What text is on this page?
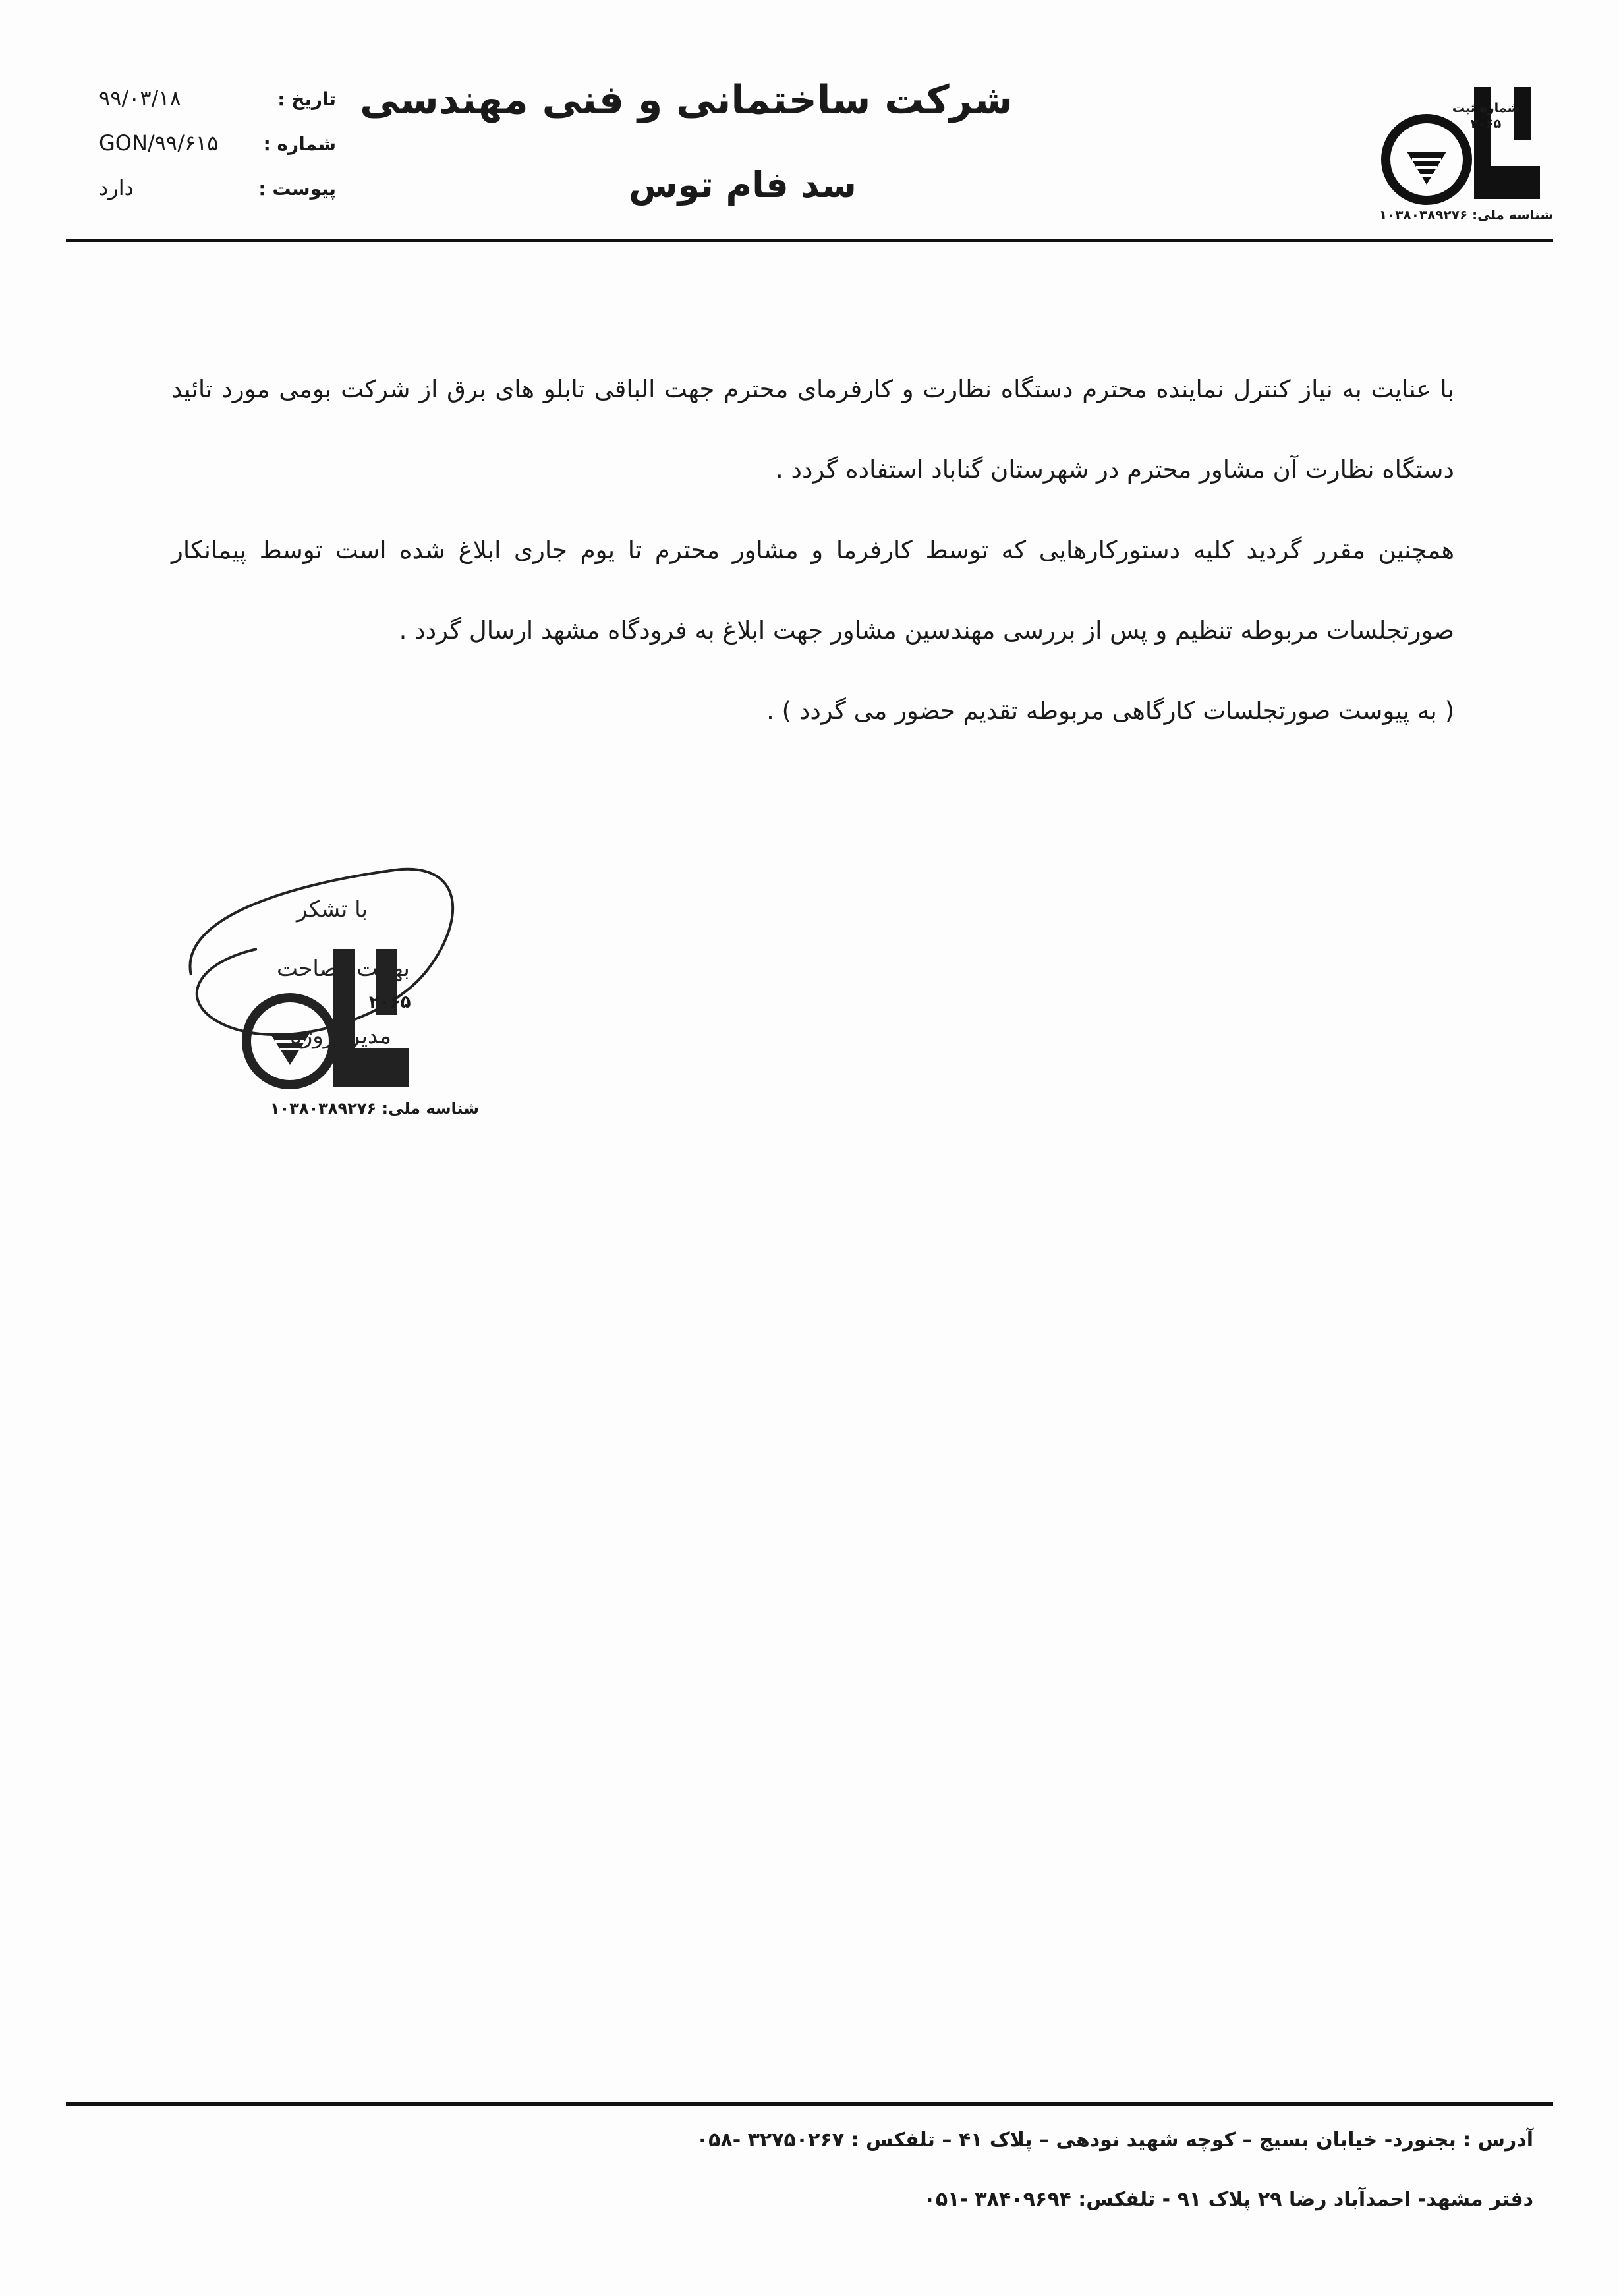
شماره ثبت
۲۰۶۵
شناسه ملی: ۱۰۳۸۰۳۸۹۲۷۶
شرکت ساختمانی و فنی مهندسی
سد فام توس
تاریخ :
۹۹/۰۳/۱۸
شماره :
GON/۹۹/۶۱۵
پیوست :
دارد

با عنایت به نیاز کنترل نماینده محترم دستگاه نظارت و کارفرمای محترم جهت الباقی تابلو های برق از شرکت بومی مورد تائید دستگاه نظارت آن مشاور محترم در شهرستان گناباد استفاده گردد .

همچنین مقرر گردید کلیه دستورکارهایی که توسط کارفرما و مشاور محترم تا یوم جاری ابلاغ شده است توسط پیمانکار صورتجلسات مربوطه تنظیم و پس از بررسی مهندسین مشاور جهت ابلاغ به فرودگاه مشهد ارسال گردد .

( به پیوست صورتجلسات کارگاهی مربوطه تقدیم حضور می گردد ) .

با تشکر
بهجت فصاحت
۲۰۶۵
مدیر پروژه
شناسه ملی: ۱۰۳۸۰۳۸۹۲۷۶
آدرس : بجنورد- خیابان بسیج – کوچه شهید نودهی – پلاک ۴۱ – تلفکس : ۳۲۷۵۰۲۶۷ -۰۵۸
دفتر مشهد- احمدآباد رضا ۲۹ پلاک ۹۱ - تلفکس: ۳۸۴۰۹۶۹۴ -۰۵۱
